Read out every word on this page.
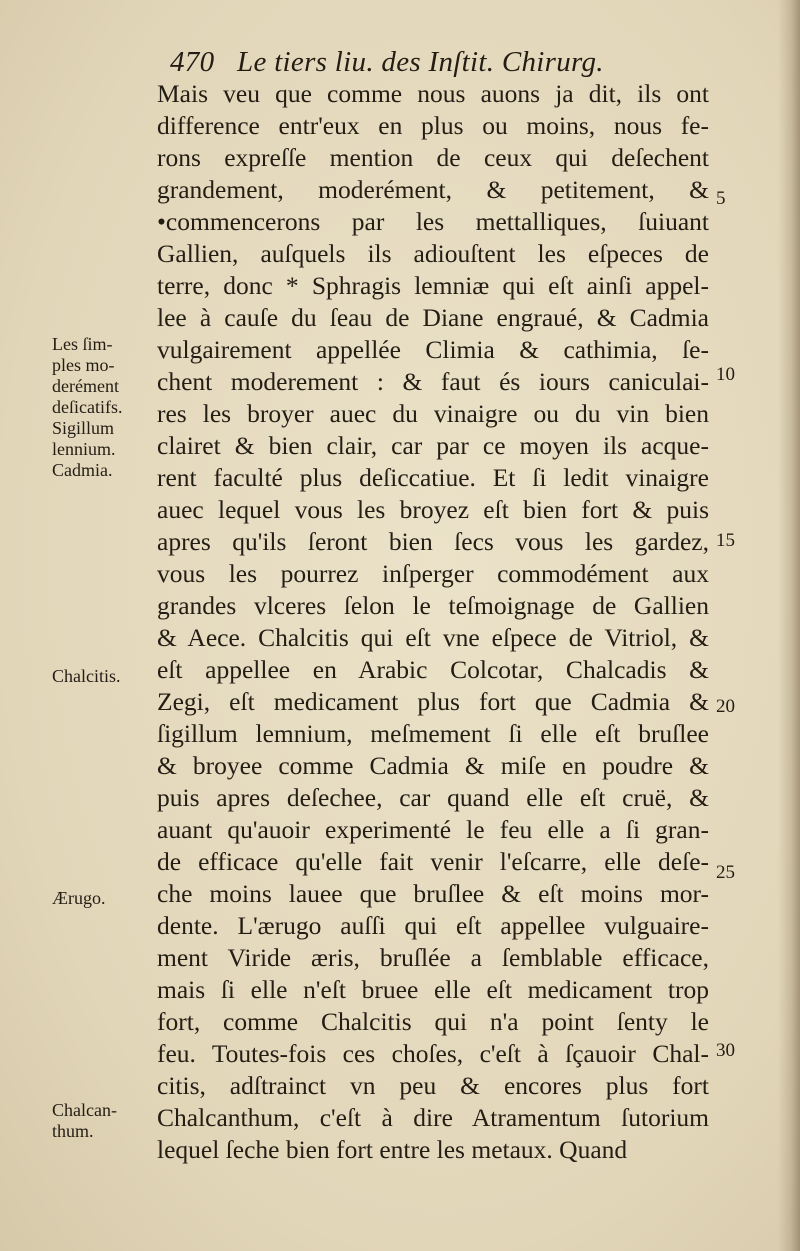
470   Le tiers liu. des Inſtit. Chirurg.
Mais veu que comme nous auons ja dit, ils ont
difference entr'eux en plus ou moins, nous fe-
rons expreſſe mention de ceux qui deſechent
grandement, moderément, & petitement, &
•commencerons par les mettalliques, ſuiuant
Gallien, auſquels ils adiouſtent les eſpeces de
terre, donc * Sphragis lemniæ qui eſt ainſi appel-
lee à cauſe du ſeau de Diane engraué, & Cadmia
vulgairement appellée Climia & cathimia, ſe-
chent moderement : & faut és iours caniculai-
res les broyer auec du vinaigre ou du vin bien
clairet & bien clair, car par ce moyen ils acque-
rent faculté plus deſiccatiue. Et ſi ledit vinaigre
auec lequel vous les broyez eſt bien fort & puis
apres qu'ils ſeront bien ſecs vous les gardez,
vous les pourrez inſperger commodément aux
grandes vlceres ſelon le teſmoignage de Gallien
& Aece. Chalcitis qui eſt vne eſpece de Vitriol, &
eſt appellee en Arabic Colcotar, Chalcadis &
Zegi, eſt medicament plus fort que Cadmia &
ſigillum lemnium, meſmement ſi elle eſt bruſlee
& broyee comme Cadmia & miſe en poudre &
puis apres deſechee, car quand elle eſt cruë, &
auant qu'auoir experimenté le feu elle a ſi gran-
de efficace qu'elle fait venir l'eſcarre, elle deſe-
che moins lauee que bruſlee & eſt moins mor-
dente. L'ærugo auſſi qui eſt appellee vulguaire-
ment Viride æris, bruſlée a ſemblable efficace,
mais ſi elle n'eſt bruee elle eſt medicament trop
fort, comme Chalcitis qui n'a point ſenty le
feu. Toutes-fois ces choſes, c'eſt à ſçauoir Chal-
citis, adſtrainct vn peu & encores plus fort
Chalcanthum, c'eſt à dire Atramentum ſutorium
lequel ſeche bien fort entre les metaux. Quand
Les ſim-
ples mo-
derément
deſicatifs.
Sigillum
lennium.
Cadmia.
Chalcitis.
Ærugo.
Chalcan-
thum.
5
10
15
20
25
30
